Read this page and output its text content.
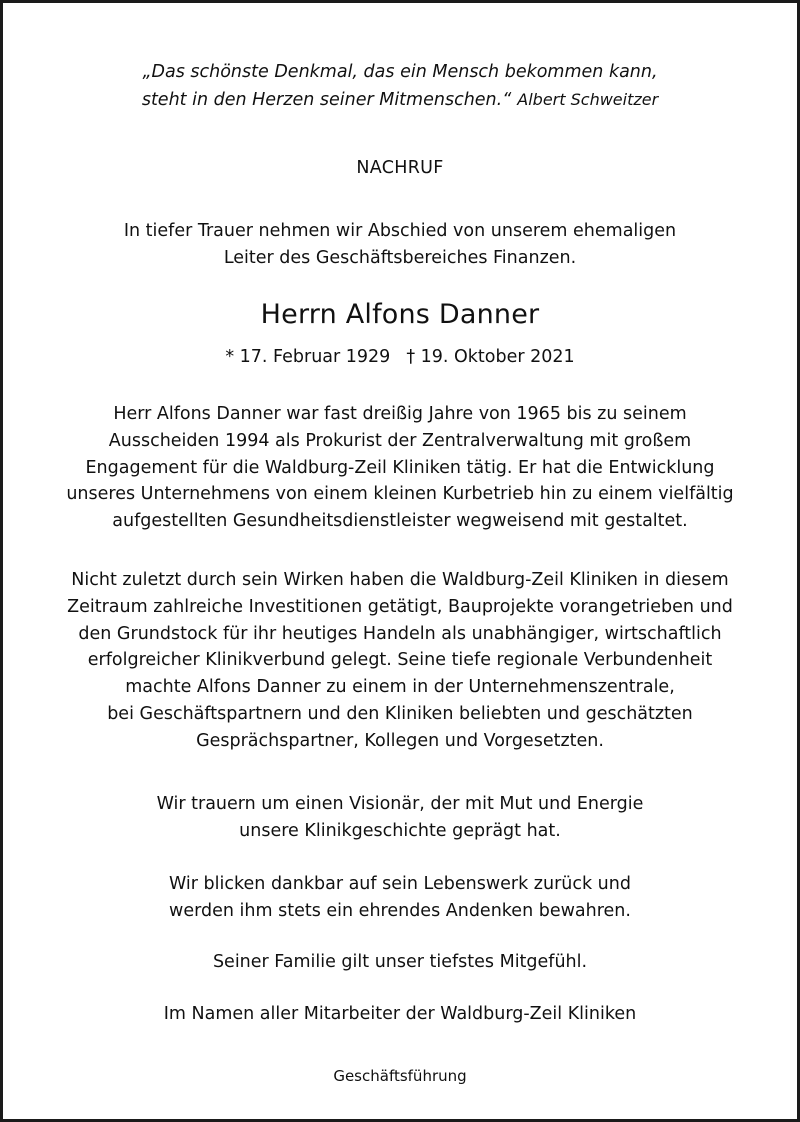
„Das schönste Denkmal, das ein Mensch bekommen kann,
steht in den Herzen seiner Mitmenschen.“ Albert Schweitzer
NACHRUF
In tiefer Trauer nehmen wir Abschied von unserem ehemaligen
Leiter des Geschäftsbereiches Finanzen.
Herrn Alfons Danner
* 17. Februar 1929 † 19. Oktober 2021
Herr Alfons Danner war fast dreißig Jahre von 1965 bis zu seinem
Ausscheiden 1994 als Prokurist der Zentralverwaltung mit großem
Engagement für die Waldburg-Zeil Kliniken tätig. Er hat die Entwicklung
unseres Unternehmens von einem kleinen Kurbetrieb hin zu einem vielfältig
aufgestellten Gesundheitsdienstleister wegweisend mit gestaltet.
Nicht zuletzt durch sein Wirken haben die Waldburg-Zeil Kliniken in diesem
Zeitraum zahlreiche Investitionen getätigt, Bauprojekte vorangetrieben und
den Grundstock für ihr heutiges Handeln als unabhängiger, wirtschaftlich
erfolgreicher Klinikverbund gelegt. Seine tiefe regionale Verbundenheit
machte Alfons Danner zu einem in der Unternehmenszentrale,
bei Geschäftspartnern und den Kliniken beliebten und geschätzten
Gesprächspartner, Kollegen und Vorgesetzten.
Wir trauern um einen Visionär, der mit Mut und Energie
unsere Klinikgeschichte geprägt hat.
Wir blicken dankbar auf sein Lebenswerk zurück und
werden ihm stets ein ehrendes Andenken bewahren.
Seiner Familie gilt unser tiefstes Mitgefühl.
Im Namen aller Mitarbeiter der Waldburg-Zeil Kliniken
Geschäftsführung
